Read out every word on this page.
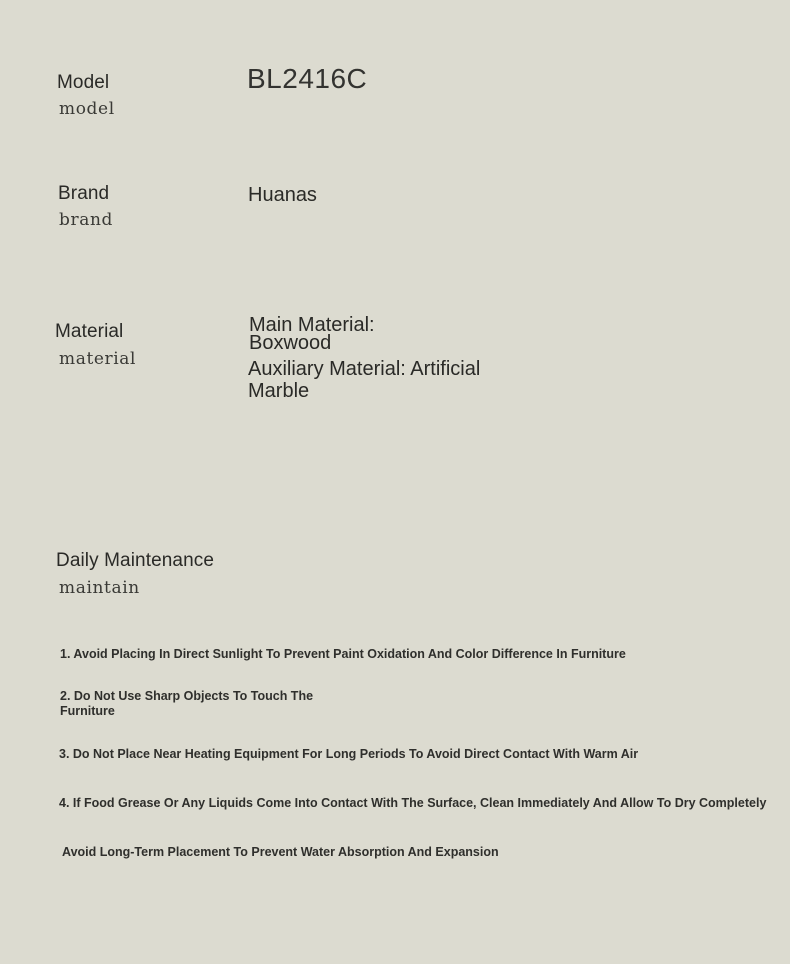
Model
model
BL2416C
Brand
brand
Huanas
Material
material
Main Material:
Boxwood
Auxiliary Material: Artificial Marble
Daily Maintenance
maintain
1. Avoid Placing In Direct Sunlight To Prevent Paint Oxidation And Color Difference In Furniture
2. Do Not Use Sharp Objects To Touch The Furniture
3. Do Not Place Near Heating Equipment For Long Periods To Avoid Direct Contact With Warm Air
4. If Food Grease Or Any Liquids Come Into Contact With The Surface, Clean Immediately And Allow To Dry Completely
Avoid Long-Term Placement To Prevent Water Absorption And Expansion
